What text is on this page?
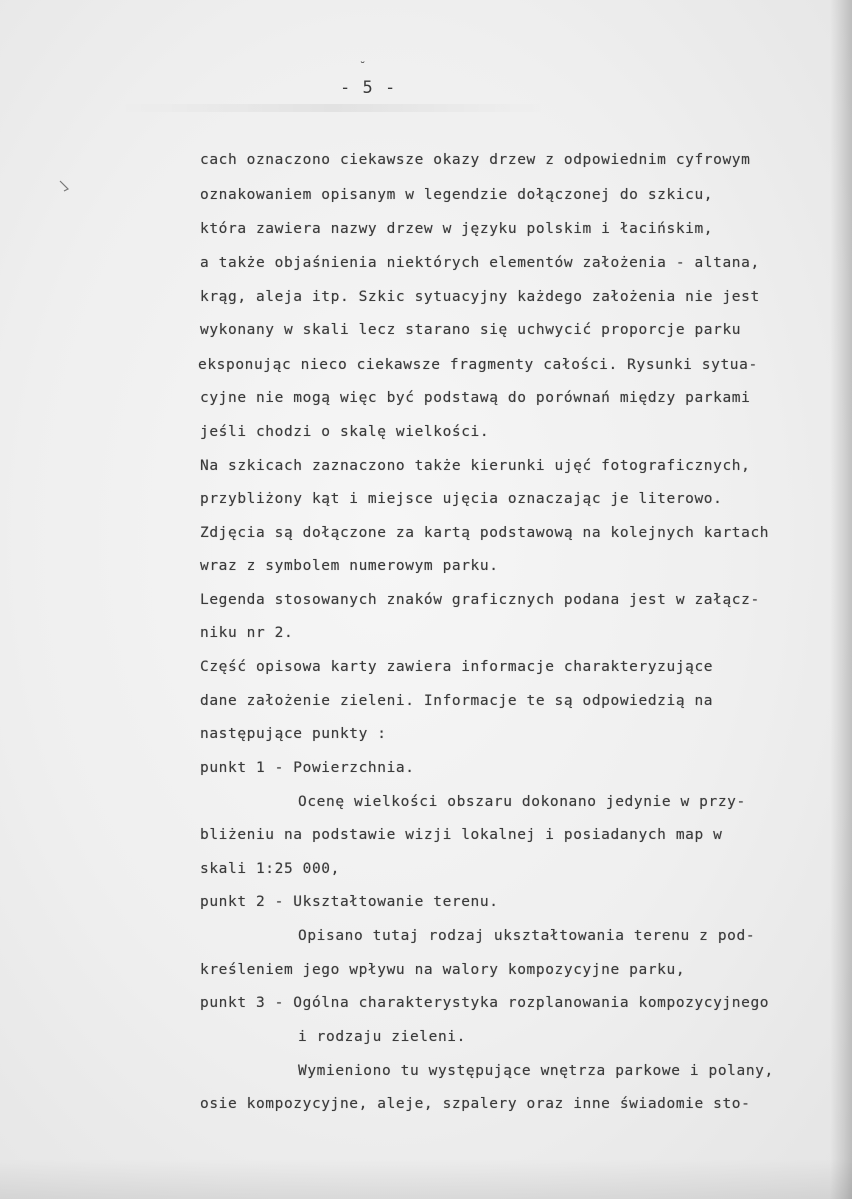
˘
- 5 -
cach oznaczono ciekawsze okazy drzew z odpowiednim cyfrowym
oznakowaniem opisanym w legendzie dołączonej do szkicu,
która zawiera nazwy drzew w języku polskim i łacińskim,
a także objaśnienia niektórych elementów założenia - altana,
krąg, aleja itp. Szkic sytuacyjny każdego założenia nie jest
wykonany w skali lecz starano się uchwycić proporcje parku
eksponując nieco ciekawsze fragmenty całości. Rysunki sytua-
cyjne nie mogą więc być podstawą do porównań między parkami
jeśli chodzi o skalę wielkości.
Na szkicach zaznaczono także kierunki ujęć fotograficznych,
przybliżony kąt i miejsce ujęcia oznaczając je literowo.
Zdjęcia są dołączone za kartą podstawową na kolejnych kartach
wraz z symbolem numerowym parku.
Legenda stosowanych znaków graficznych podana jest w załącz-
niku nr 2.
Część opisowa karty zawiera informacje charakteryzujące
dane założenie zieleni. Informacje te są odpowiedzią na
następujące punkty :
punkt 1 - Powierzchnia.
Ocenę wielkości obszaru dokonano jedynie w przy-
bliżeniu na podstawie wizji lokalnej i posiadanych map w
skali 1:25 000,
punkt 2 - Ukształtowanie terenu.
Opisano tutaj rodzaj ukształtowania terenu z pod-
kreśleniem jego wpływu na walory kompozycyjne parku,
punkt 3 - Ogólna charakterystyka rozplanowania kompozycyjnego
i rodzaju zieleni.
Wymieniono tu występujące wnętrza parkowe i polany,
osie kompozycyjne, aleje, szpalery oraz inne świadomie sto-
